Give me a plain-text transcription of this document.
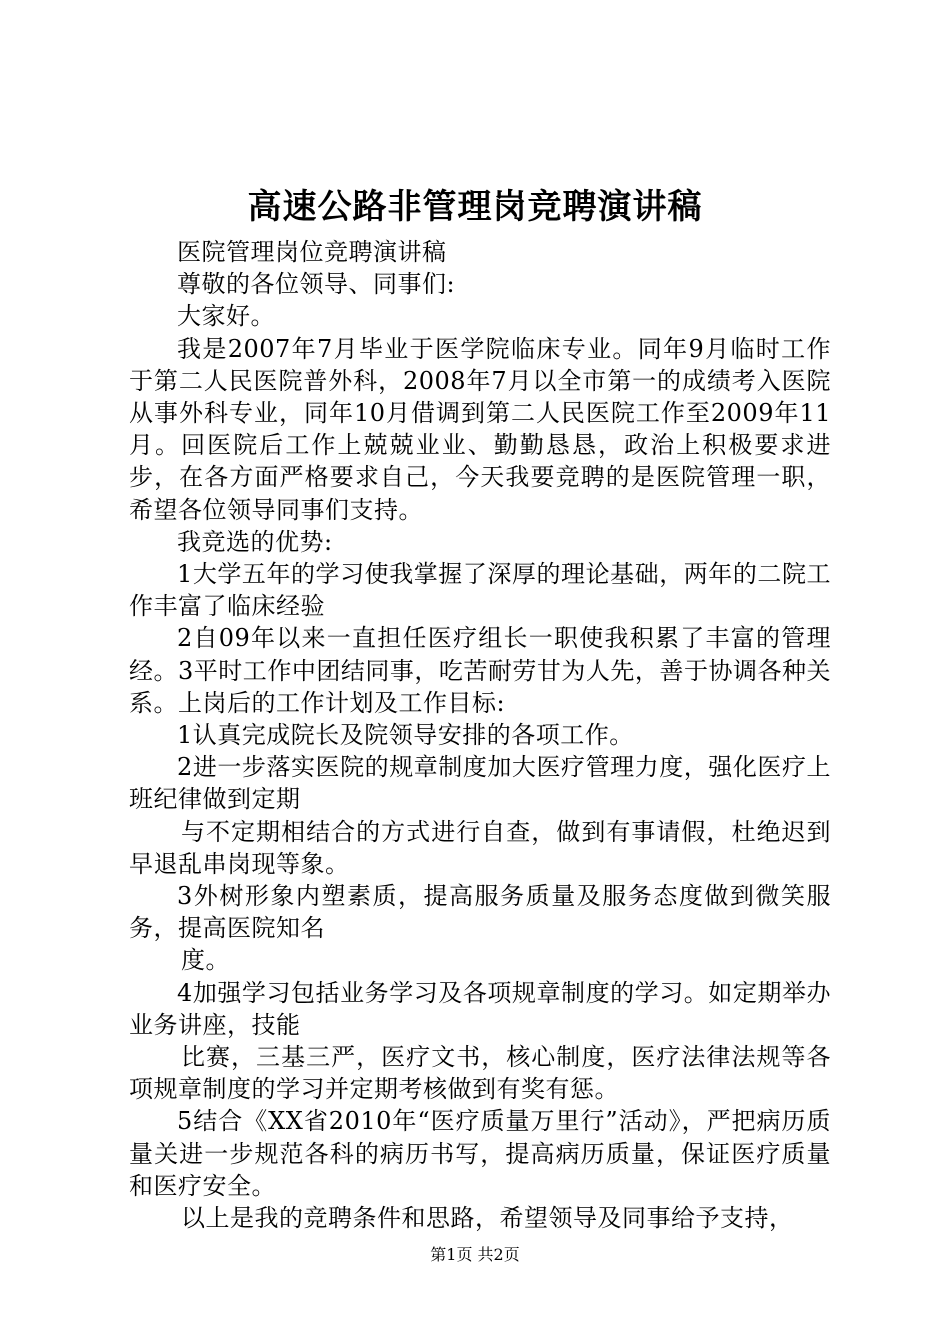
高速公路非管理岗竞聘演讲稿

医院管理岗位竞聘演讲稿

尊敬的各位领导、同事们:

大家好。

我是2007年7月毕业于医学院临床专业。同年9月临时工作于第二人民医院普外科，2008年7月以全市第一的成绩考入医院从事外科专业，同年10月借调到第二人民医院工作至2009年11月。回医院后工作上兢兢业业、勤勤恳恳，政治上积极要求进步，在各方面严格要求自己，今天我要竞聘的是医院管理一职，希望各位领导同事们支持。

我竞选的优势:

1大学五年的学习使我掌握了深厚的理论基础，两年的二院工作丰富了临床经验

2自09年以来一直担任医疗组长一职使我积累了丰富的管理经。3平时工作中团结同事，吃苦耐劳甘为人先，善于协调各种关系。上岗后的工作计划及工作目标:

1认真完成院长及院领导安排的各项工作。

2进一步落实医院的规章制度加大医疗管理力度，强化医疗上班纪律做到定期

与不定期相结合的方式进行自查，做到有事请假，杜绝迟到早退乱串岗现等象。

3外树形象内塑素质，提高服务质量及服务态度做到微笑服务，提高医院知名

度。

4加强学习包括业务学习及各项规章制度的学习。如定期举办业务讲座，技能

比赛，三基三严，医疗文书，核心制度，医疗法律法规等各项规章制度的学习并定期考核做到有奖有惩。

5结合《XX省2010年“医疗质量万里行”活动》，严把病历质量关进一步规范各科的病历书写，提高病历质量，保证医疗质量和医疗安全。

以上是我的竞聘条件和思路，希望领导及同事给予支持，

第1页 共2页
